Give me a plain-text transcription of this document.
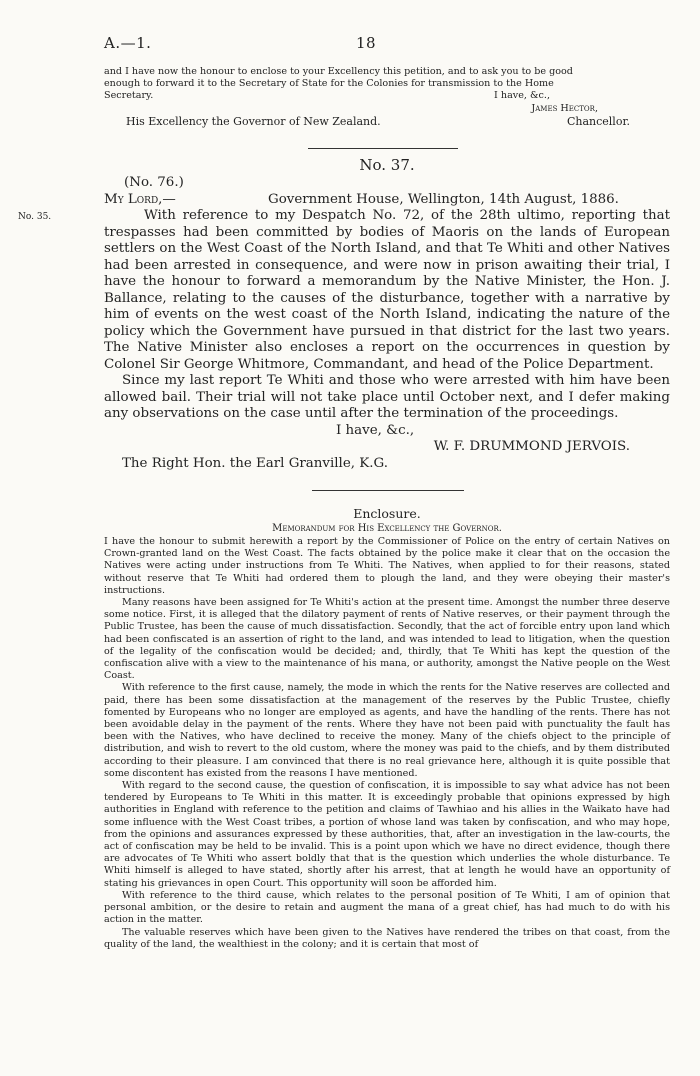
A.—1.	18

and I have now the honour to enclose to your Excellency this petition, and to ask you to be good

enough to forward it to the Secretary of State for the Colonies for transmission to the Home

Secretary.	I have, &c.,

James Hector,

His Excellency the Governor of New Zealand.	Chancellor.

No. 37.

(No. 76.)

My Lord,—	Government House, Wellington, 14th August, 1886.

With reference to my Despatch No. 72, of the 28th ultimo, reporting that trespasses had been committed by bodies of Maoris on the lands of European settlers on the West Coast of the North Island, and that Te Whiti and other Natives had been arrested in consequence, and were now in prison awaiting their trial, I have the honour to forward a memorandum by the Native Minister, the Hon. J. Ballance, relating to the causes of the disturbance, together with a narrative by him of events on the west coast of the North Island, indicating the nature of the policy which the Government have pursued in that district for the last two years. The Native Minister also encloses a report on the occurrences in question by Colonel Sir George Whitmore, Commandant, and head of the Police Department.

Since my last report Te Whiti and those who were arrested with him have been allowed bail. Their trial will not take place until October next, and I defer making any observations on the case until after the termination of the proceedings.

I have, &c.,

W. F. DRUMMOND JERVOIS.

The Right Hon. the Earl Granville, K.G.

No. 35.

Enclosure.

Memorandum for His Excellency the Governor.

I have the honour to submit herewith a report by the Commissioner of Police on the entry of certain Natives on Crown-granted land on the West Coast. The facts obtained by the police make it clear that on the occasion the Natives were acting under instructions from Te Whiti. The Natives, when applied to for their reasons, stated without reserve that Te Whiti had ordered them to plough the land, and they were obeying their master's instructions.

Many reasons have been assigned for Te Whiti's action at the present time. Amongst the number three deserve some notice. First, it is alleged that the dilatory payment of rents of Native reserves, or their payment through the Public Trustee, has been the cause of much dissatisfaction. Secondly, that the act of forcible entry upon land which had been confiscated is an assertion of right to the land, and was intended to lead to litigation, when the question of the legality of the confiscation would be decided; and, thirdly, that Te Whiti has kept the question of the confiscation alive with a view to the maintenance of his mana, or authority, amongst the Native people on the West Coast.

With reference to the first cause, namely, the mode in which the rents for the Native reserves are collected and paid, there has been some dissatisfaction at the management of the reserves by the Public Trustee, chiefly fomented by Europeans who no longer are employed as agents, and have the handling of the rents. There has not been avoidable delay in the payment of the rents. Where they have not been paid with punctuality the fault has been with the Natives, who have declined to receive the money. Many of the chiefs object to the principle of distribution, and wish to revert to the old custom, where the money was paid to the chiefs, and by them distributed according to their pleasure. I am convinced that there is no real grievance here, although it is quite possible that some discontent has existed from the reasons I have mentioned.

With regard to the second cause, the question of confiscation, it is impossible to say what advice has not been tendered by Europeans to Te Whiti in this matter. It is exceedingly probable that opinions expressed by high authorities in England with reference to the petition and claims of Tawhiao and his allies in the Waikato have had some influence with the West Coast tribes, a portion of whose land was taken by confiscation, and who may hope, from the opinions and assurances expressed by these authorities, that, after an investigation in the law-courts, the act of confiscation may be held to be invalid. This is a point upon which we have no direct evidence, though there are advocates of Te Whiti who assert boldly that that is the question which underlies the whole disturbance. Te Whiti himself is alleged to have stated, shortly after his arrest, that at length he would have an opportunity of stating his grievances in open Court. This opportunity will soon be afforded him.

With reference to the third cause, which relates to the personal position of Te Whiti, I am of opinion that personal ambition, or the desire to retain and augment the mana of a great chief, has had much to do with his action in the matter.

The valuable reserves which have been given to the Natives have rendered the tribes on that coast, from the quality of the land, the wealthiest in the colony; and it is certain that most of
